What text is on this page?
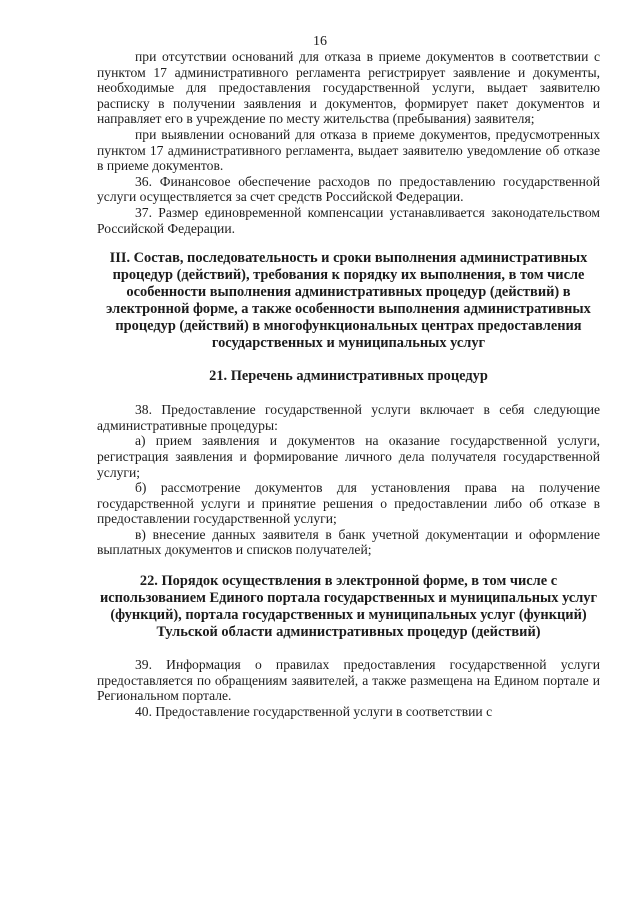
16

при отсутствии оснований для отказа в приеме документов в соответствии с пунктом 17 административного регламента регистрирует заявление и документы, необходимые для предоставления государственной услуги, выдает заявителю расписку в получении заявления и документов, формирует пакет документов и направляет его в учреждение по месту жительства (пребывания) заявителя;

при выявлении оснований для отказа в приеме документов, предусмотренных пунктом 17 административного регламента, выдает заявителю уведомление об отказе в приеме документов.

36. Финансовое обеспечение расходов по предоставлению государственной услуги осуществляется за счет средств Российской Федерации.

37. Размер единовременной компенсации устанавливается законодательством Российской Федерации.

III. Состав, последовательность и сроки выполнения административных процедур (действий), требования к порядку их выполнения, в том числе особенности выполнения административных процедур (действий) в электронной форме, а также особенности выполнения административных процедур (действий) в многофункциональных центрах предоставления государственных и муниципальных услуг
21. Перечень административных процедур

38. Предоставление государственной услуги включает в себя следующие административные процедуры:

а) прием заявления и документов на оказание государственной услуги, регистрация заявления и формирование личного дела получателя государственной услуги;

б) рассмотрение документов для установления права на получение государственной услуги и принятие решения о предоставлении либо об отказе в предоставлении государственной услуги;

в) внесение данных заявителя в банк учетной документации и оформление выплатных документов и списков получателей;

22. Порядок осуществления в электронной форме, в том числе с использованием Единого портала государственных и муниципальных услуг (функций), портала государственных и муниципальных услуг (функций) Тульской области административных процедур (действий)

39. Информация о правилах предоставления государственной услуги предоставляется по обращениям заявителей, а также размещена на Едином портале и Региональном портале.

40. Предоставление государственной услуги в соответствии с
